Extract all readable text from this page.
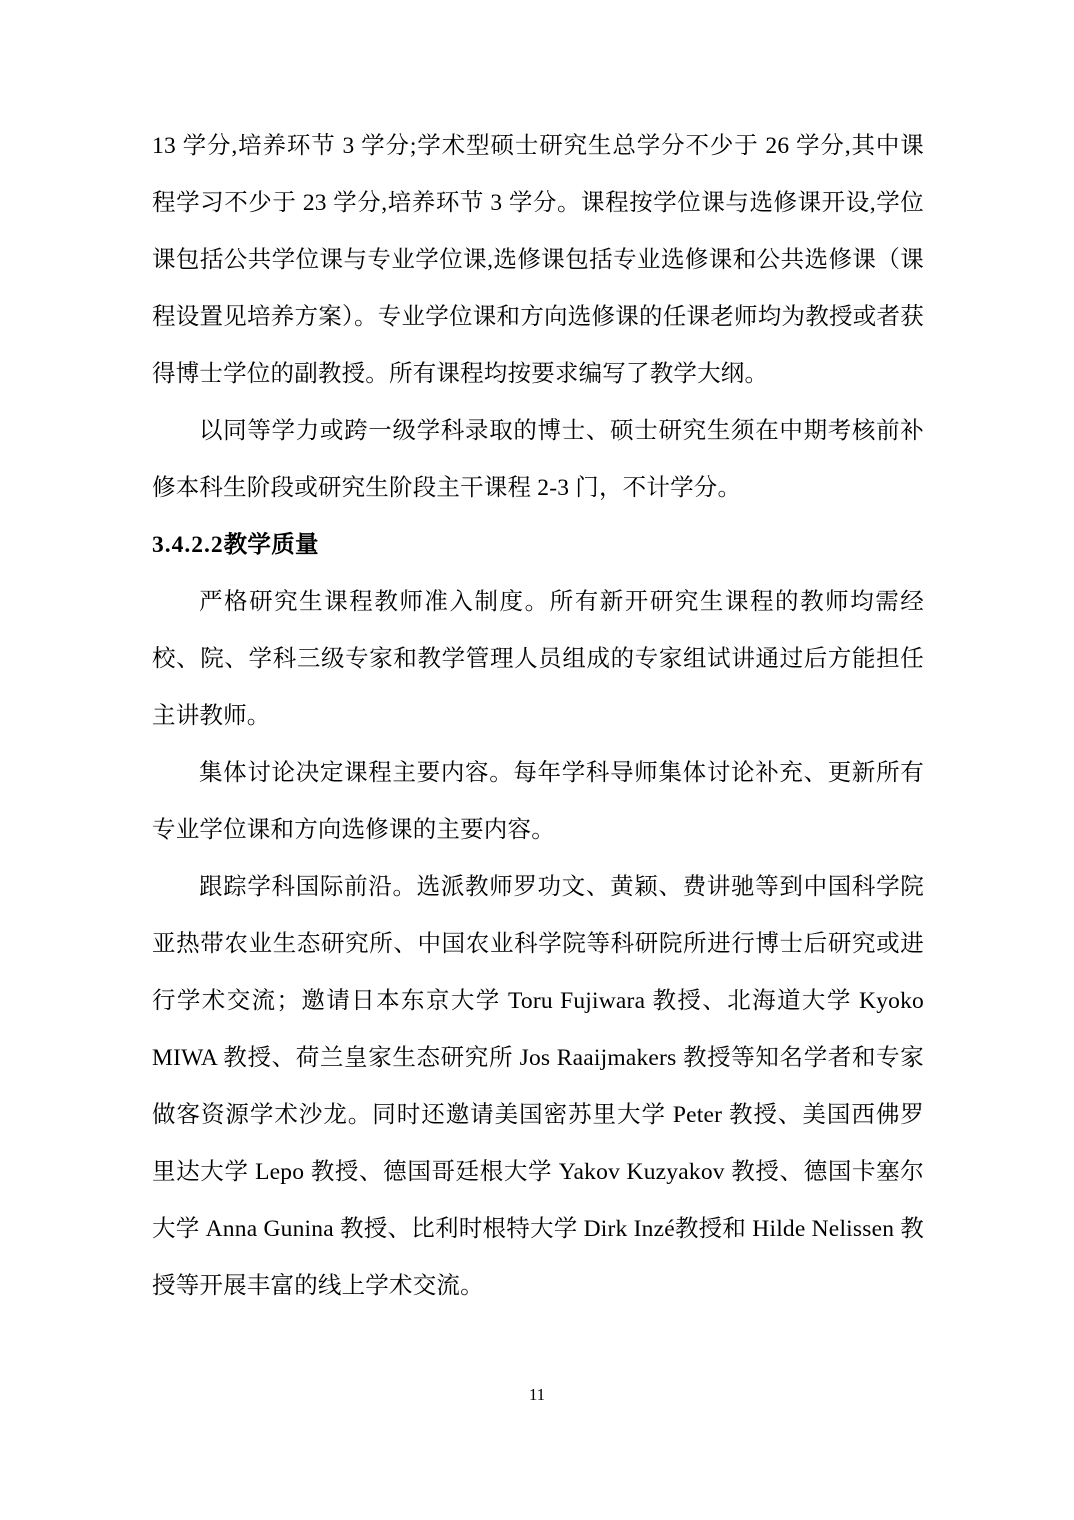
13 学分,培养环节 3 学分;学术型硕士研究生总学分不少于 26 学分,其中课程学习不少于 23 学分,培养环节 3 学分。课程按学位课与选修课开设,学位课包括公共学位课与专业学位课,选修课包括专业选修课和公共选修课（课程设置见培养方案）。专业学位课和方向选修课的任课老师均为教授或者获得博士学位的副教授。所有课程均按要求编写了教学大纲。

以同等学力或跨一级学科录取的博士、硕士研究生须在中期考核前补修本科生阶段或研究生阶段主干课程 2-3 门，不计学分。

3.4.2.2教学质量

严格研究生课程教师准入制度。所有新开研究生课程的教师均需经校、院、学科三级专家和教学管理人员组成的专家组试讲通过后方能担任主讲教师。

集体讨论决定课程主要内容。每年学科导师集体讨论补充、更新所有专业学位课和方向选修课的主要内容。

跟踪学科国际前沿。选派教师罗功文、黄颖、费讲驰等到中国科学院亚热带农业生态研究所、中国农业科学院等科研院所进行博士后研究或进行学术交流；邀请日本东京大学 Toru Fujiwara 教授、北海道大学 Kyoko MIWA 教授、荷兰皇家生态研究所 Jos Raaijmakers 教授等知名学者和专家做客资源学术沙龙。同时还邀请美国密苏里大学 Peter 教授、美国西佛罗里达大学 Lepo 教授、德国哥廷根大学 Yakov Kuzyakov 教授、德国卡塞尔大学 Anna Gunina 教授、比利时根特大学 Dirk Inzé教授和 Hilde Nelissen 教授等开展丰富的线上学术交流。

11
